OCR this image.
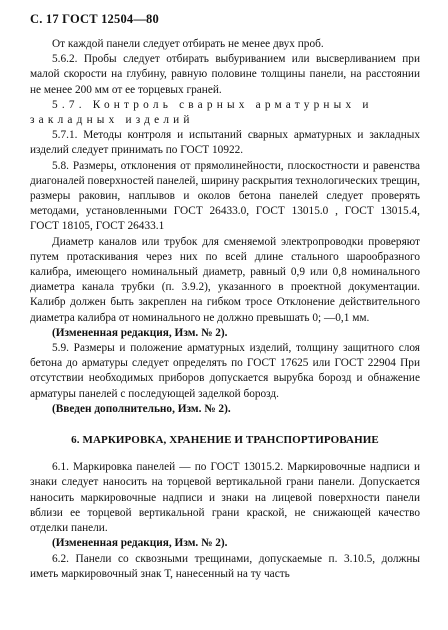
С. 17 ГОСТ 12504—80

От каждой панели следует отбирать не менее двух проб.

5.6.2. Пробы следует отбирать выбуриванием или высверливанием при малой скорости на глубину, равную половине толщины панели, на расстоянии не менее 200 мм от ее торцевых граней.

5.7. Контроль сварных арматурных и закладных изделий

5.7.1. Методы контроля и испытаний сварных арматурных и закладных изделий следует принимать по ГОСТ 10922.

5.8. Размеры, отклонения от прямолинейности, плоскостности и равенства диагоналей поверхностей панелей, ширину раскрытия технологических трещин, размеры раковин, наплывов и околов бетона панелей следует проверять методами, установленными ГОСТ 26433.0, ГОСТ 13015.0 , ГОСТ 13015.4, ГОСТ 18105, ГОСТ 26433.1

Диаметр каналов или трубок для сменяемой электропроводки проверяют путем протаскивания через них по всей длине стального шарообразного калибра, имеющего номинальный диаметр, равный 0,9 или 0,8 номинального диаметра канала трубки (п. 3.9.2), указанного в проектной документации. Калибр должен быть закреплен на гибком тросе Отклонение действительного диаметра калибра от номинального не должно превышать 0; —0,1 мм.

(Измененная редакция, Изм. № 2).

5.9. Размеры и положение арматурных изделий, толщину защитного слоя бетона до арматуры следует определять по ГОСТ 17625 или ГОСТ 22904 При отсутствии необходимых приборов допускается вырубка борозд и обнажение арматуры панелей с последующей заделкой борозд.

(Введен дополнительно, Изм. № 2).

6. МАРКИРОВКА, ХРАНЕНИЕ И ТРАНСПОРТИРОВАНИЕ

6.1. Маркировка панелей — по ГОСТ 13015.2. Маркировочные надписи и знаки следует наносить на торцевой вертикальной грани панели. Допускается наносить маркировочные надписи и знаки на лицевой поверхности панели вблизи ее торцевой вертикальной грани краской, не снижающей качество отделки панели.

(Измененная редакция, Изм. № 2).

6.2. Панели со сквозными трещинами, допускаемые п. 3.10.5, должны иметь маркировочный знак Т, нанесенный на ту часть
